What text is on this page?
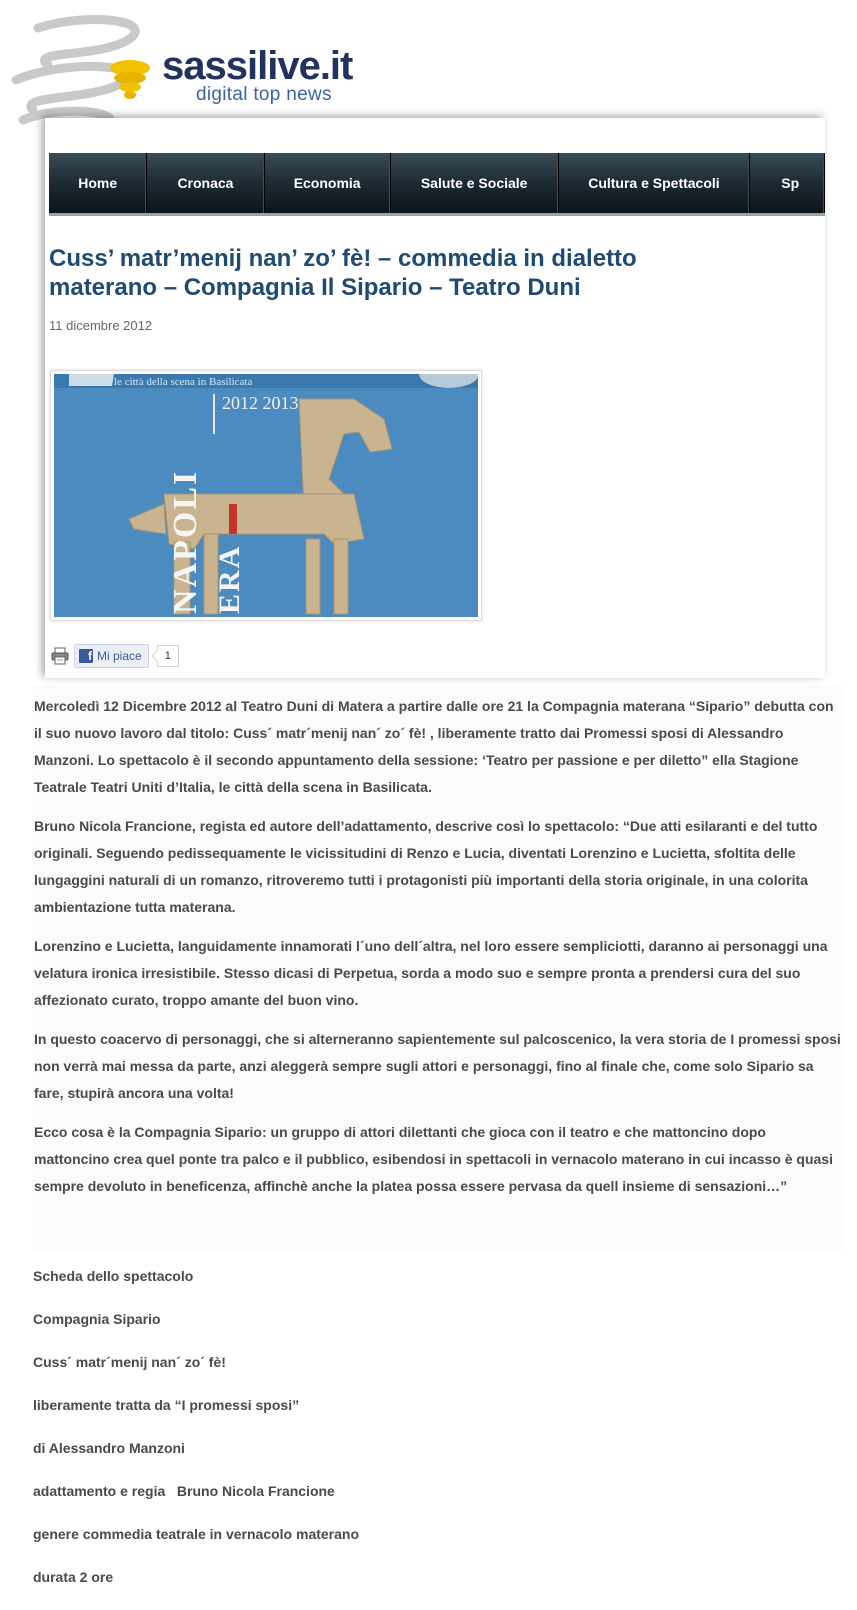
sassilive.it
digital top news
Home	Cronaca	Economia	Salute e Sociale	Cultura e Spettacoli	Sp
Cuss’ matr’menij nan’ zo’ fè! – commedia in dialetto materano – Compagnia Il Sipario – Teatro Duni
11 dicembre 2012
le città della scena in Basilicata
2012 2013
NAPOLI ERA
f Mi piace	1

Mercoledì 12 Dicembre 2012 al Teatro Duni di Matera a partire dalle ore 21 la Compagnia materana “Sipario” debutta con il suo nuovo lavoro dal titolo: Cuss´ matr´menij nan´ zo´ fè! , liberamente tratto dai Promessi sposi di Alessandro Manzoni. Lo spettacolo è il secondo appuntamento della sessione: ‘Teatro per passione e per diletto” ella Stagione Teatrale Teatri Uniti d’Italia, le città della scena in Basilicata.

Bruno Nicola Francione, regista ed autore dell’adattamento, descrive così lo spettacolo: “Due atti esilaranti e del tutto originali. Seguendo pedissequamente le vicissitudini di Renzo e Lucia, diventati Lorenzino e Lucietta, sfoltita delle lungaggini naturali di un romanzo, ritroveremo tutti i protagonisti più importanti della storia originale, in una colorita ambientazione tutta materana.

Lorenzino e Lucietta, languidamente innamorati l´uno dell´altra, nel loro essere sempliciotti, daranno ai personaggi una velatura ironica irresistibile. Stesso dicasi di Perpetua, sorda a modo suo e sempre pronta a prendersi cura del suo affezionato curato, troppo amante del buon vino.

In questo coacervo di personaggi, che si alterneranno sapientemente sul palcoscenico, la vera storia de I promessi sposi non verrà mai messa da parte, anzi aleggerà sempre sugli attori e personaggi, fino al finale che, come solo Sipario sa fare, stupirà ancora una volta!

Ecco cosa è la Compagnia Sipario: un gruppo di attori dilettanti che gioca con il teatro e che mattoncino dopo mattoncino crea quel ponte tra palco e il pubblico, esibendosi in spettacoli in vernacolo materano in cui incasso è quasi sempre devoluto in beneficenza, affinchè anche la platea possa essere pervasa da quell insieme di sensazioni…”

Scheda dello spettacolo
Compagnia Sipario
Cuss´ matr´menij nan´ zo´ fè!
liberamente tratta da “I promessi sposi”
di Alessandro Manzoni
adattamento e regia   Bruno Nicola Francione
genere commedia teatrale in vernacolo materano
durata 2 ore
